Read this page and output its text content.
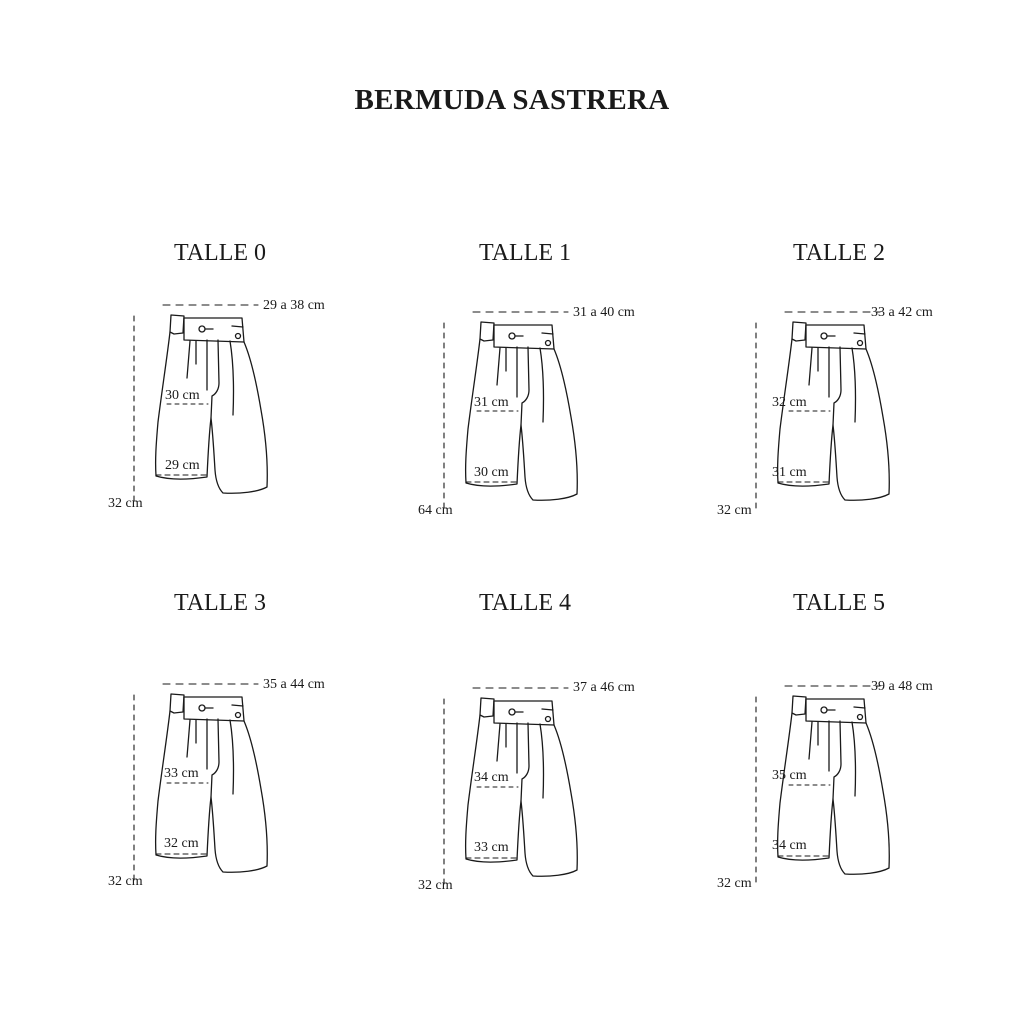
BERMUDA SASTRERA
TALLE 0
29 a 38 cm
30 cm
29 cm
32 cm
TALLE 1
31 a 40 cm
31 cm
30 cm
64 cm
TALLE 2
33 a 42 cm
32 cm
31 cm
32 cm
TALLE 3
35 a 44 cm
33 cm
32 cm
32 cm
TALLE 4
37 a 46 cm
34 cm
33 cm
32 cm
TALLE 5
39 a 48 cm
35 cm
34 cm
32 cm
